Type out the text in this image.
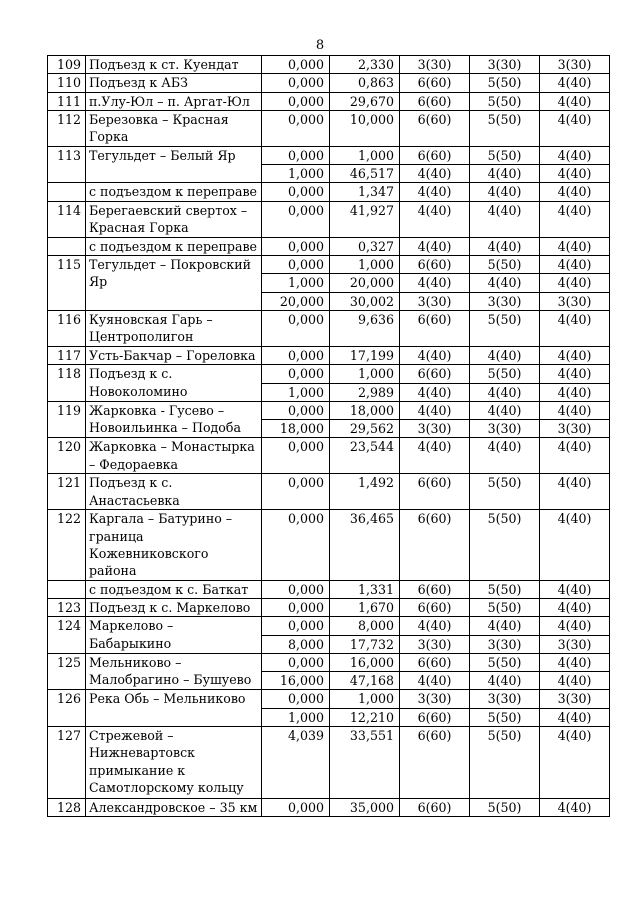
8
109	Подъезд к ст. Куендат	0,000	2,330	3(30)	3(30)	3(30)
110	Подъезд к АБЗ	0,000	0,863	6(60)	5(50)	4(40)
111	п.Улу-Юл – п. Аргат-Юл	0,000	29,670	6(60)	5(50)	4(40)
112	Березовка – Красная Горка	0,000	10,000	6(60)	5(50)	4(40)
113	Тегульдет – Белый Яр	0,000	1,000	6(60)	5(50)	4(40)
		1,000	46,517	4(40)	4(40)	4(40)
	с подъездом к переправе	0,000	1,347	4(40)	4(40)	4(40)
114	Берегаевский свертох – Красная Горка	0,000	41,927	4(40)	4(40)	4(40)
	с подъездом к переправе	0,000	0,327	4(40)	4(40)	4(40)
115	Тегульдет – Покровский Яр	0,000	1,000	6(60)	5(50)	4(40)
		1,000	20,000	4(40)	4(40)	4(40)
		20,000	30,002	3(30)	3(30)	3(30)
116	Куяновская Гарь – Центрополигон	0,000	9,636	6(60)	5(50)	4(40)
117	Усть-Бакчар – Гореловка	0,000	17,199	4(40)	4(40)	4(40)
118	Подъезд к с. Новоколомино	0,000	1,000	6(60)	5(50)	4(40)
		1,000	2,989	4(40)	4(40)	4(40)
119	Жарковка - Гусево – Новоильинка – Подоба	0,000	18,000	4(40)	4(40)	4(40)
		18,000	29,562	3(30)	3(30)	3(30)
120	Жарковка – Монастырка – Федораевка	0,000	23,544	4(40)	4(40)	4(40)
121	Подъезд к с. Анастасьевка	0,000	1,492	6(60)	5(50)	4(40)
122	Каргала – Батурино – граница Кожевниковского района	0,000	36,465	6(60)	5(50)	4(40)
	с подъездом к с. Баткат	0,000	1,331	6(60)	5(50)	4(40)
123	Подъезд к с. Маркелово	0,000	1,670	6(60)	5(50)	4(40)
124	Маркелово – Бабарыкино	0,000	8,000	4(40)	4(40)	4(40)
		8,000	17,732	3(30)	3(30)	3(30)
125	Мельниково – Малобрагино – Бушуево	0,000	16,000	6(60)	5(50)	4(40)
		16,000	47,168	4(40)	4(40)	4(40)
126	Река Обь – Мельниково	0,000	1,000	3(30)	3(30)	3(30)
		1,000	12,210	6(60)	5(50)	4(40)
127	Стрежевой – Нижневартовск примыкание к Самотлорскому кольцу	4,039	33,551	6(60)	5(50)	4(40)
128	Александровское – 35 км	0,000	35,000	6(60)	5(50)	4(40)
